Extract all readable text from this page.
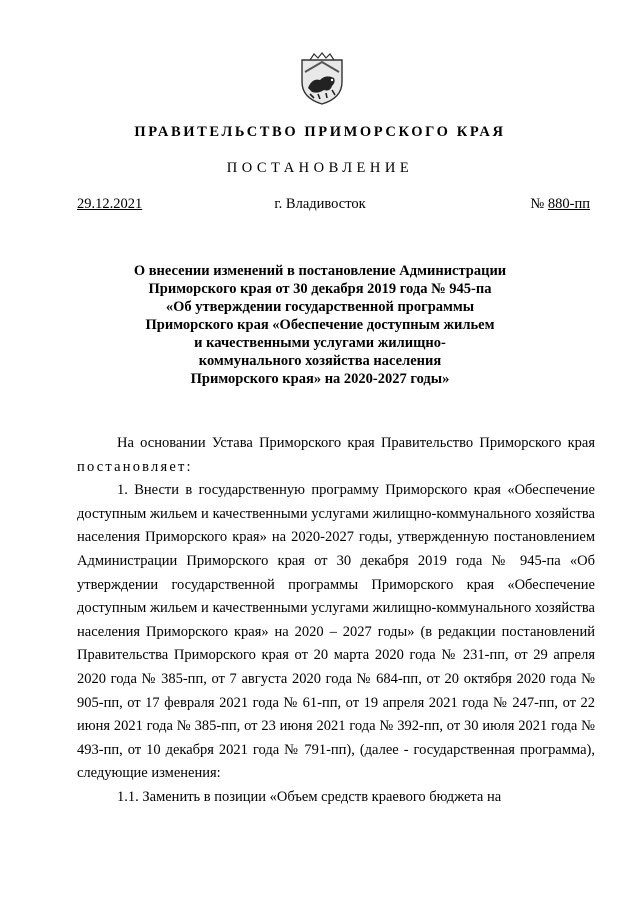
ПРАВИТЕЛЬСТВО ПРИМОРСКОГО КРАЯ
ПОСТАНОВЛЕНИЕ
29.12.2021	г. Владивосток	№ 880-пп
О внесении изменений в постановление Администрации
Приморского края от 30 декабря 2019 года № 945-па
«Об утверждении государственной программы
Приморского края «Обеспечение доступным жильем
и качественными услугами жилищно-
коммунального хозяйства населения
Приморского края» на 2020-2027 годы»

На основании Устава Приморского края Правительство Приморского края постановляет:

1. Внести в государственную программу Приморского края «Обеспечение доступным жильем и качественными услугами жилищно-коммунального хозяйства населения Приморского края» на 2020-2027 годы, утвержденную постановлением Администрации Приморского края от 30 декабря 2019 года № 945-па «Об утверждении государственной программы Приморского края «Обеспечение доступным жильем и качественными услугами жилищно-коммунального хозяйства населения Приморского края» на 2020 – 2027 годы» (в редакции постановлений Правительства Приморского края от 20 марта 2020 года № 231-пп, от 29 апреля 2020 года № 385-пп, от 7 августа 2020 года № 684-пп, от 20 октября 2020 года № 905-пп, от 17 февраля 2021 года № 61-пп, от 19 апреля 2021 года № 247-пп, от 22 июня 2021 года № 385-пп, от 23 июня 2021 года № 392-пп, от 30 июля 2021 года № 493-пп, от 10 декабря 2021 года № 791-пп), (далее - государственная программа), следующие изменения:

1.1. Заменить в позиции «Объем средств краевого бюджета на
